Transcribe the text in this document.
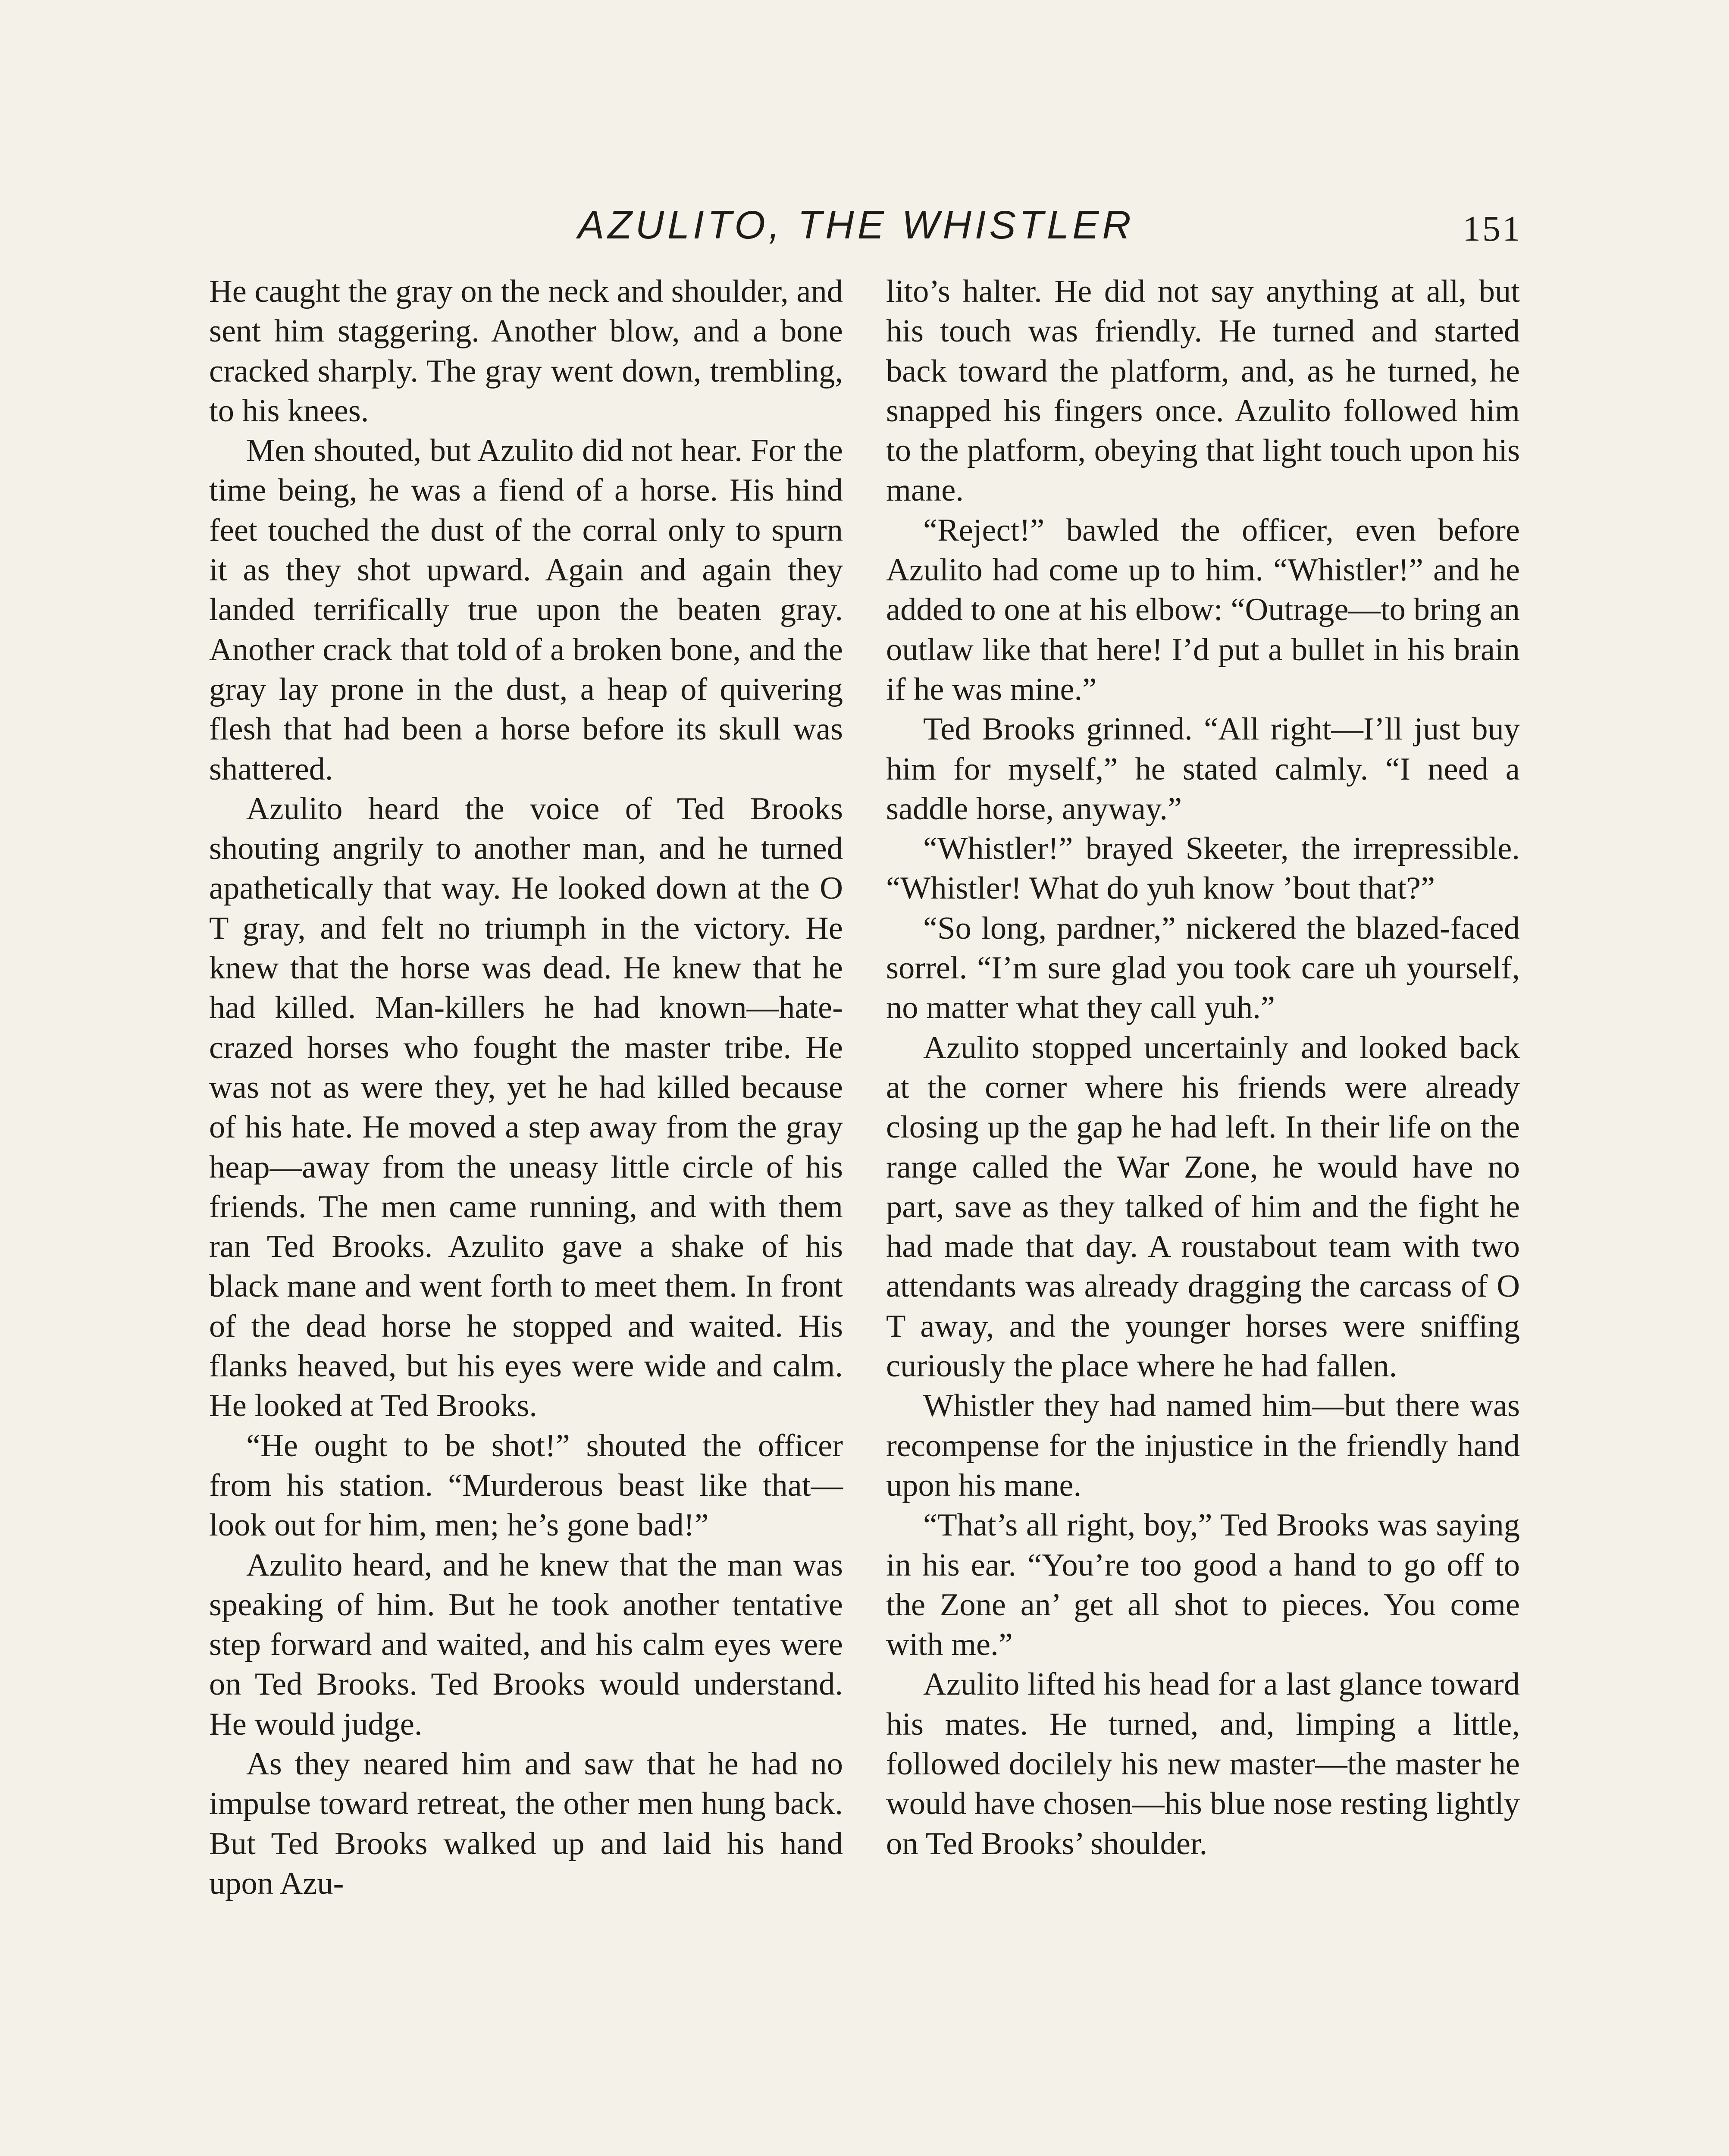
AZULITO, THE WHISTLER	151

He caught the gray on the neck and shoulder, and sent him staggering. Another blow, and a bone cracked sharply. The gray went down, trembling, to his knees.

Men shouted, but Azulito did not hear. For the time being, he was a fiend of a horse. His hind feet touched the dust of the corral only to spurn it as they shot upward. Again and again they landed terrifically true upon the beaten gray. Another crack that told of a broken bone, and the gray lay prone in the dust, a heap of quivering flesh that had been a horse before its skull was shattered.

Azulito heard the voice of Ted Brooks shouting angrily to another man, and he turned apathetically that way. He looked down at the O T gray, and felt no triumph in the victory. He knew that the horse was dead. He knew that he had killed. Man-killers he had known—hate-crazed horses who fought the master tribe. He was not as were they, yet he had killed because of his hate. He moved a step away from the gray heap—away from the uneasy little circle of his friends. The men came running, and with them ran Ted Brooks. Azulito gave a shake of his black mane and went forth to meet them. In front of the dead horse he stopped and waited. His flanks heaved, but his eyes were wide and calm. He looked at Ted Brooks.

“He ought to be shot!” shouted the officer from his station. “Murderous beast like that—look out for him, men; he’s gone bad!”

Azulito heard, and he knew that the man was speaking of him. But he took another tentative step forward and waited, and his calm eyes were on Ted Brooks. Ted Brooks would understand. He would judge.

As they neared him and saw that he had no impulse toward retreat, the other men hung back. But Ted Brooks walked up and laid his hand upon Azu-

lito’s halter. He did not say anything at all, but his touch was friendly. He turned and started back toward the platform, and, as he turned, he snapped his fingers once. Azulito followed him to the platform, obeying that light touch upon his mane.

“Reject!” bawled the officer, even before Azulito had come up to him. “Whistler!” and he added to one at his elbow: “Outrage—to bring an outlaw like that here! I’d put a bullet in his brain if he was mine.”

Ted Brooks grinned. “All right—I’ll just buy him for myself,” he stated calmly. “I need a saddle horse, anyway.”

“Whistler!” brayed Skeeter, the irrepressible. “Whistler! What do yuh know ’bout that?”

“So long, pardner,” nickered the blazed-faced sorrel. “I’m sure glad you took care uh yourself, no matter what they call yuh.”

Azulito stopped uncertainly and looked back at the corner where his friends were already closing up the gap he had left. In their life on the range called the War Zone, he would have no part, save as they talked of him and the fight he had made that day. A roustabout team with two attendants was already dragging the carcass of O T away, and the younger horses were sniffing curiously the place where he had fallen.

Whistler they had named him—but there was recompense for the injustice in the friendly hand upon his mane.

“That’s all right, boy,” Ted Brooks was saying in his ear. “You’re too good a hand to go off to the Zone an’ get all shot to pieces. You come with me.”

Azulito lifted his head for a last glance toward his mates. He turned, and, limping a little, followed docilely his new master—the master he would have chosen—his blue nose resting lightly on Ted Brooks’ shoulder.
